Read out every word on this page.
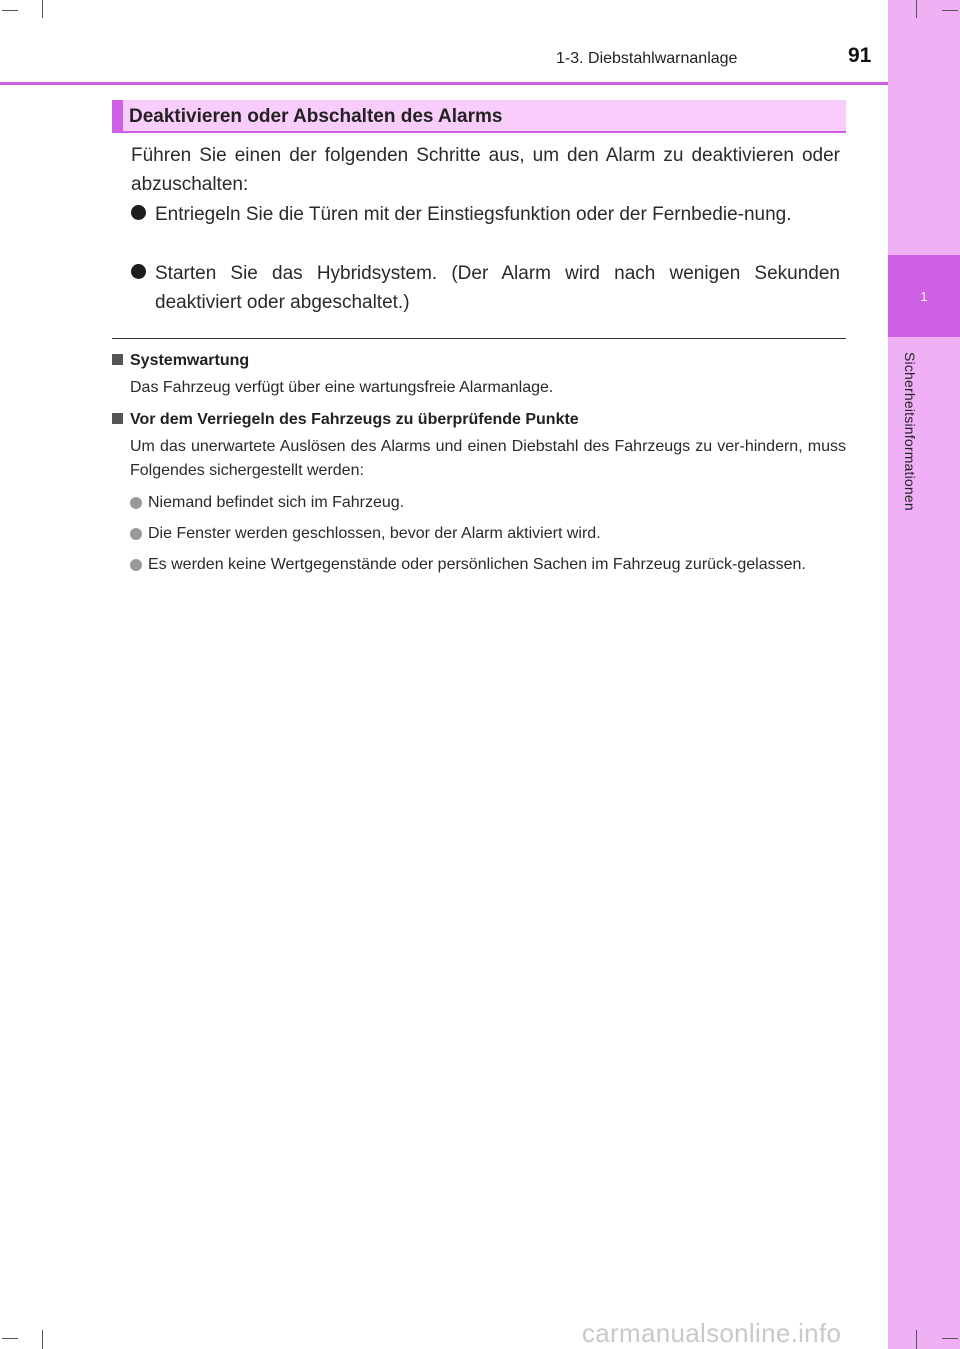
1
Sicherheitsinformationen
1-3. Diebstahlwarnanlage	91
Deaktivieren oder Abschalten des Alarms
Führen Sie einen der folgenden Schritte aus, um den Alarm zu deaktivieren oder abzuschalten:
Entriegeln Sie die Türen mit der Einstiegsfunktion oder der Fernbedie-nung.
Starten Sie das Hybridsystem. (Der Alarm wird nach wenigen Sekunden deaktiviert oder abgeschaltet.)
Systemwartung
Das Fahrzeug verfügt über eine wartungsfreie Alarmanlage.
Vor dem Verriegeln des Fahrzeugs zu überprüfende Punkte
Um das unerwartete Auslösen des Alarms und einen Diebstahl des Fahrzeugs zu ver-hindern, muss Folgendes sichergestellt werden:
Niemand befindet sich im Fahrzeug.
Die Fenster werden geschlossen, bevor der Alarm aktiviert wird.
Es werden keine Wertgegenstände oder persönlichen Sachen im Fahrzeug zurück-gelassen.
carmanualsonline.info
